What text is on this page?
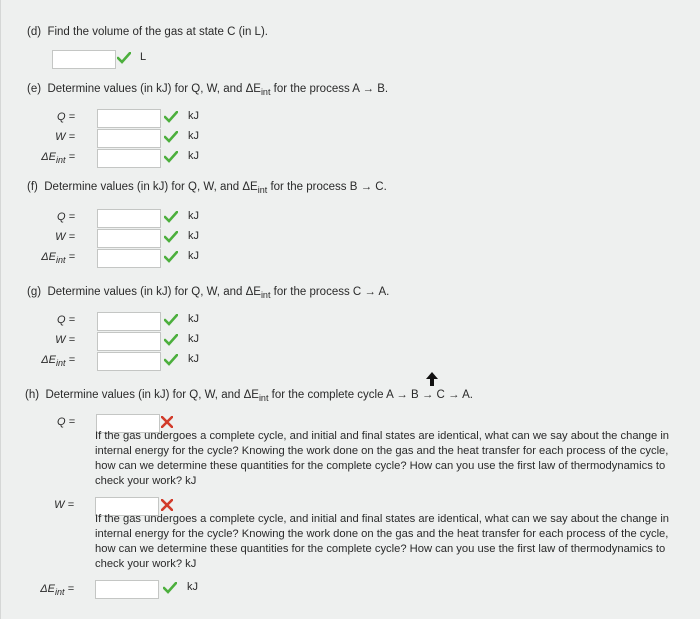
(d) Find the volume of the gas at state C (in L).
L
(e) Determine values (in kJ) for Q, W, and $\Delta E_{int}$ for the process A → B.
Q =	kJ
W =	kJ
$\Delta E_{int}$ =	kJ
(f) Determine values (in kJ) for Q, W, and $\Delta E_{int}$ for the process B → C.
Q =	kJ
W =	kJ
$\Delta E_{int}$ =	kJ
(g) Determine values (in kJ) for Q, W, and $\Delta E_{int}$ for the process C → A.
Q =	kJ
W =	kJ
$\Delta E_{int}$ =	kJ
(h) Determine values (in kJ) for Q, W, and $\Delta E_{int}$ for the complete cycle A → B → C → A.
Q =
If the gas undergoes a complete cycle, and initial and final states are identical, what can we say about the change in internal energy for the cycle? Knowing the work done on the gas and the heat transfer for each process of the cycle, how can we determine these quantities for the complete cycle? How can you use the first law of thermodynamics to check your work? kJ
W =
If the gas undergoes a complete cycle, and initial and final states are identical, what can we say about the change in internal energy for the cycle? Knowing the work done on the gas and the heat transfer for each process of the cycle, how can we determine these quantities for the complete cycle? How can you use the first law of thermodynamics to check your work? kJ
$\Delta E_{int}$ =	kJ
